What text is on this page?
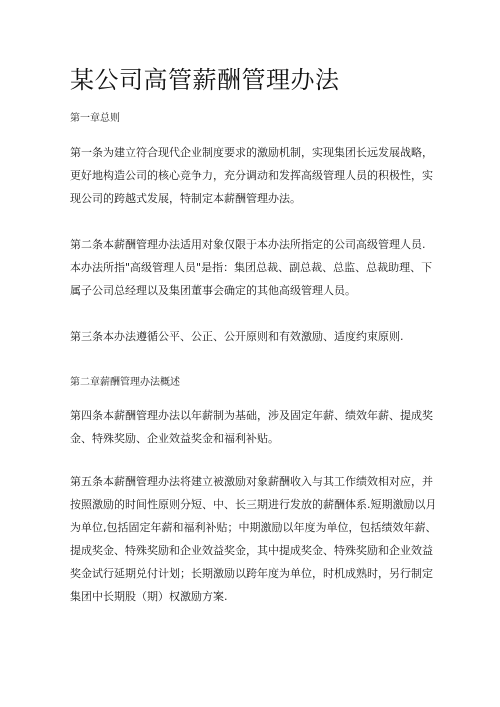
某公司高管薪酬管理办法
第一章总则

第一条为建立符合现代企业制度要求的激励机制，实现集团长远发展战略，
更好地构造公司的核心竞争力，充分调动和发挥高级管理人员的积极性，实
现公司的跨越式发展，特制定本薪酬管理办法。

第二条本薪酬管理办法适用对象仅限于本办法所指定的公司高级管理人员.
本办法所指"高级管理人员"是指：集团总裁、副总裁、总监、总裁助理、下
属子公司总经理以及集团董事会确定的其他高级管理人员。

第三条本办法遵循公平、公正、公开原则和有效激励、适度约束原则.

第二章薪酬管理办法概述

第四条本薪酬管理办法以年薪制为基础，涉及固定年薪、绩效年薪、提成奖
金、特殊奖励、企业效益奖金和福利补贴。

第五条本薪酬管理办法将建立被激励对象薪酬收入与其工作绩效相对应，并
按照激励的时间性原则分短、中、长三期进行发放的薪酬体系.短期激励以月
为单位,包括固定年薪和福利补贴；中期激励以年度为单位，包括绩效年薪、
提成奖金、特殊奖励和企业效益奖金，其中提成奖金、特殊奖励和企业效益
奖金试行延期兑付计划；长期激励以跨年度为单位，时机成熟时，另行制定
集团中长期股（期）权激励方案.
